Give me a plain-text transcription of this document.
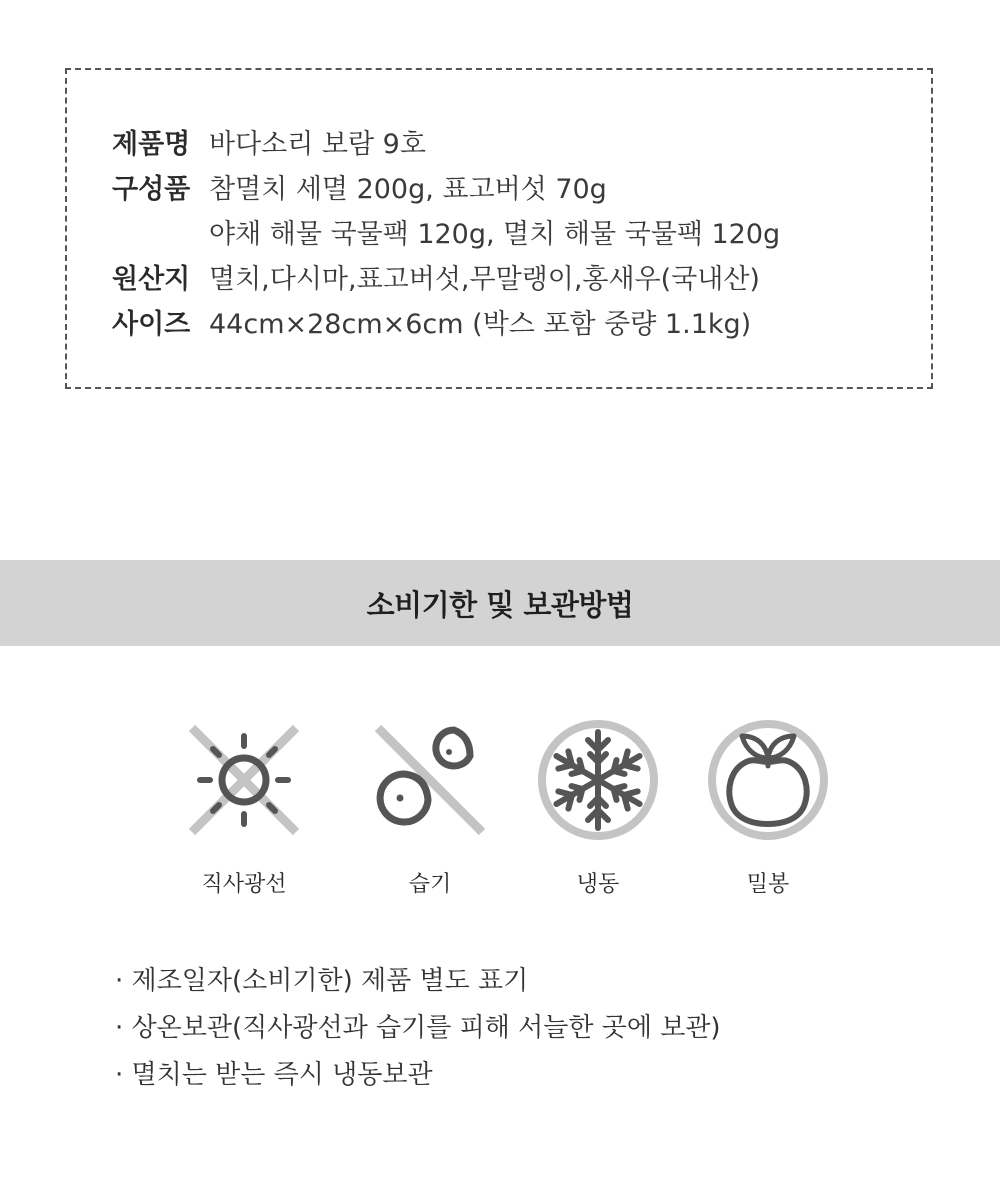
제품명 바다소리 보람 9호
구성품 참멸치 세멸 200g, 표고버섯 70g
야채 해물 국물팩 120g, 멸치 해물 국물팩 120g
원산지 멸치,다시마,표고버섯,무말랭이,홍새우(국내산)
사이즈 44cm×28cm×6cm (박스 포함 중량 1.1kg)
소비기한 및 보관방법
직사광선	습기	냉동	밀봉
· 제조일자(소비기한) 제품 별도 표기
· 상온보관(직사광선과 습기를 피해 서늘한 곳에 보관)
· 멸치는 받는 즉시 냉동보관
